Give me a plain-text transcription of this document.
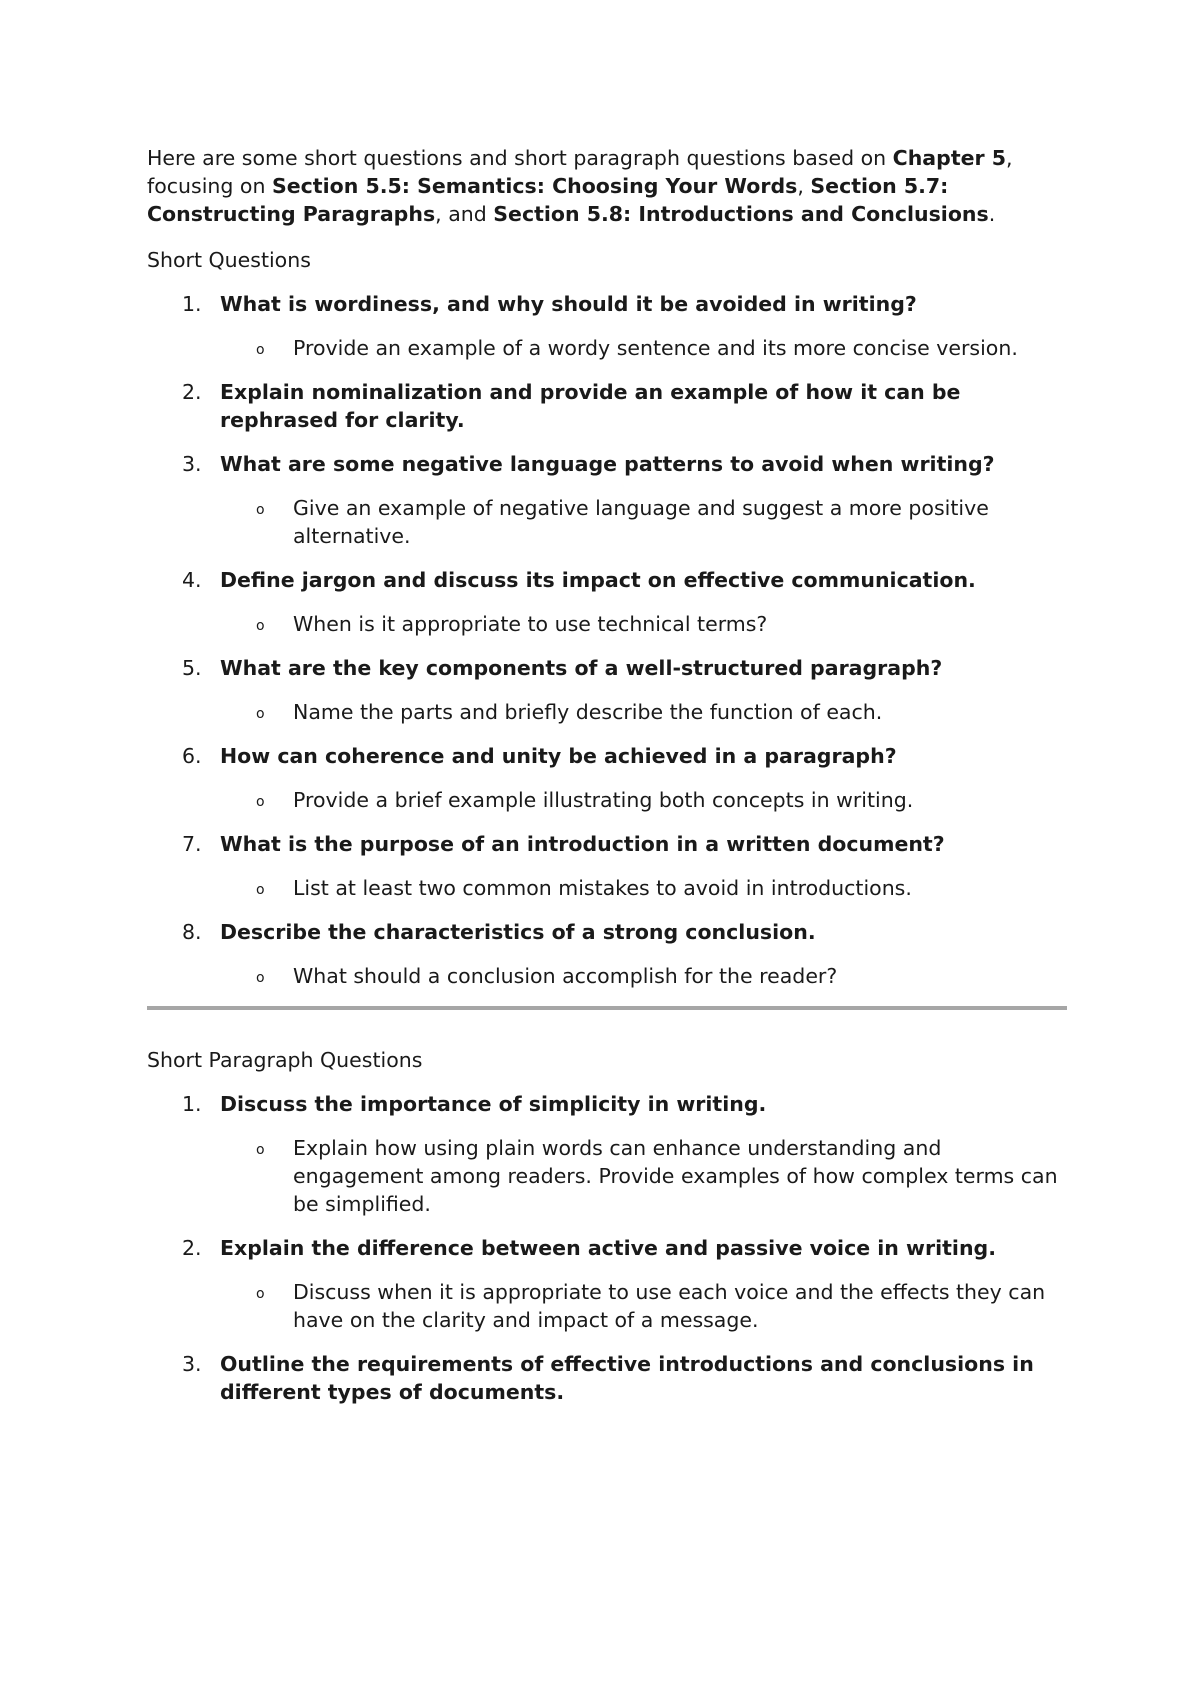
Here are some short questions and short paragraph questions based on Chapter 5, focusing on Section 5.5: Semantics: Choosing Your Words, Section 5.7: Constructing Paragraphs, and Section 5.8: Introductions and Conclusions.

Short Questions
1. What is wordiness, and why should it be avoided in writing?
o Provide an example of a wordy sentence and its more concise version.
2. Explain nominalization and provide an example of how it can be rephrased for clarity.
3. What are some negative language patterns to avoid when writing?
o Give an example of negative language and suggest a more positive alternative.
4. Define jargon and discuss its impact on effective communication.
o When is it appropriate to use technical terms?
5. What are the key components of a well-structured paragraph?
o Name the parts and briefly describe the function of each.
6. How can coherence and unity be achieved in a paragraph?
o Provide a brief example illustrating both concepts in writing.
7. What is the purpose of an introduction in a written document?
o List at least two common mistakes to avoid in introductions.
8. Describe the characteristics of a strong conclusion.
o What should a conclusion accomplish for the reader?
Short Paragraph Questions
1. Discuss the importance of simplicity in writing.
o Explain how using plain words can enhance understanding and engagement among readers. Provide examples of how complex terms can be simplified.
2. Explain the difference between active and passive voice in writing.
o Discuss when it is appropriate to use each voice and the effects they can have on the clarity and impact of a message.
3. Outline the requirements of effective introductions and conclusions in different types of documents.
